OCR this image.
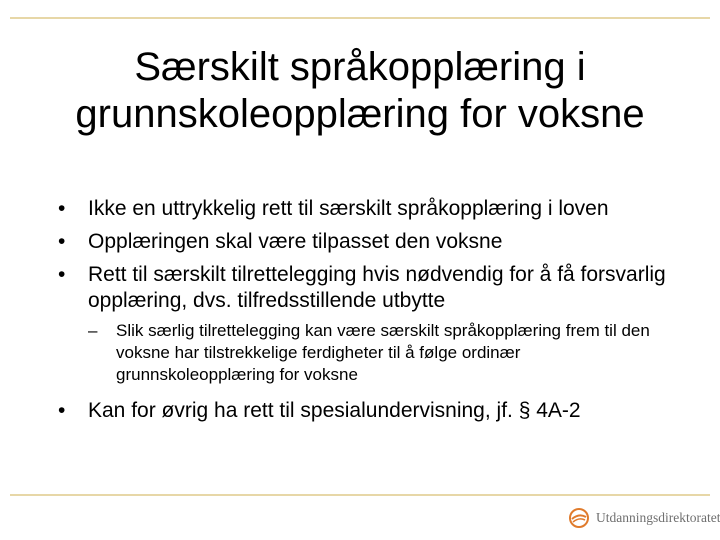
Særskilt språkopplæring i
grunnskoleopplæring for voksne
•	Ikke en uttrykkelig rett til særskilt språkopplæring i loven
•	Opplæringen skal være tilpasset den voksne
•	Rett til særskilt tilrettelegging hvis nødvendig for å få forsvarlig opplæring, dvs. tilfredsstillende utbytte
– Slik særlig tilrettelegging kan være særskilt språkopplæring frem til den voksne har tilstrekkelige ferdigheter til å følge ordinær grunnskoleopplæring for voksne
•	Kan for øvrig ha rett til spesialundervisning, jf. § 4A-2
Utdanningsdirektoratet
